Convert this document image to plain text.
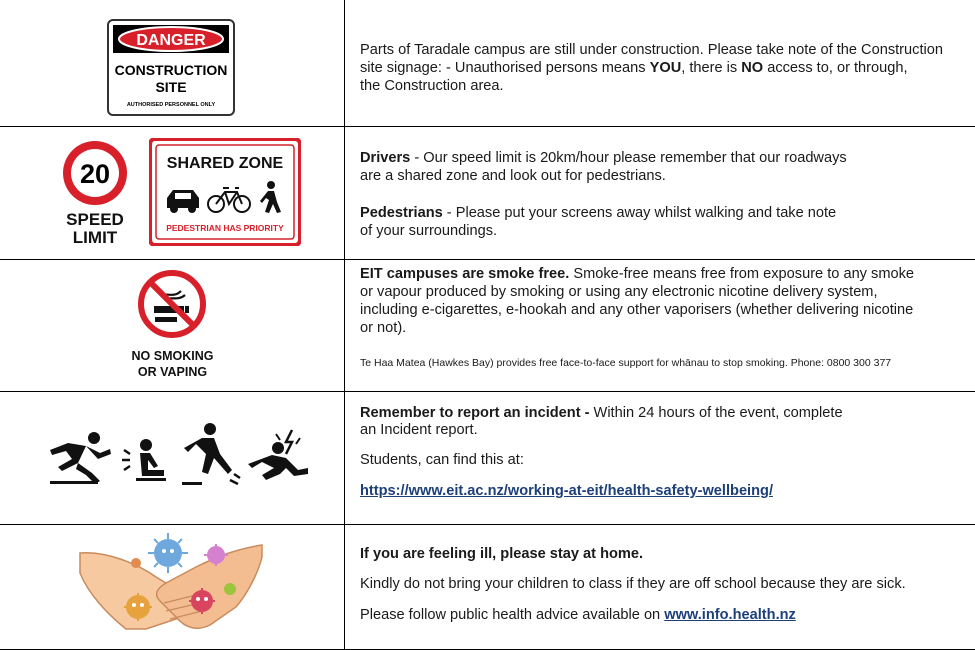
DANGER
CONSTRUCTION
SITE
AUTHORISED PERSONNEL ONLY

Parts of Taradale campus are still under construction. Please take note of the Construction

site signage: - Unauthorised persons means YOU, there is NO access to, or through,

the Construction area.

20
SPEED
LIMIT
SHARED ZONE
PEDESTRIAN HAS PRIORITY

Drivers - Our speed limit is 20km/hour please remember that our roadways

are a shared zone and look out for pedestrians.

Pedestrians - Please put your screens away whilst walking and take note

of your surroundings.

NO SMOKING
OR VAPING

EIT campuses are smoke free. Smoke-free means free from exposure to any smoke

or vapour produced by smoking or using any electronic nicotine delivery system,

including e-cigarettes, e-hookah and any other vaporisers (whether delivering nicotine

or not).

Te Haa Matea (Hawkes Bay) provides free face-to-face support for whānau to stop smoking. Phone: 0800 300 377

Remember to report an incident - Within 24 hours of the event, complete

an Incident report.

Students, can find this at:

https://www.eit.ac.nz/working-at-eit/health-safety-wellbeing/

If you are feeling ill, please stay at home.

Kindly do not bring your children to class if they are off school because they are sick.

Please follow public health advice available on www.info.health.nz
